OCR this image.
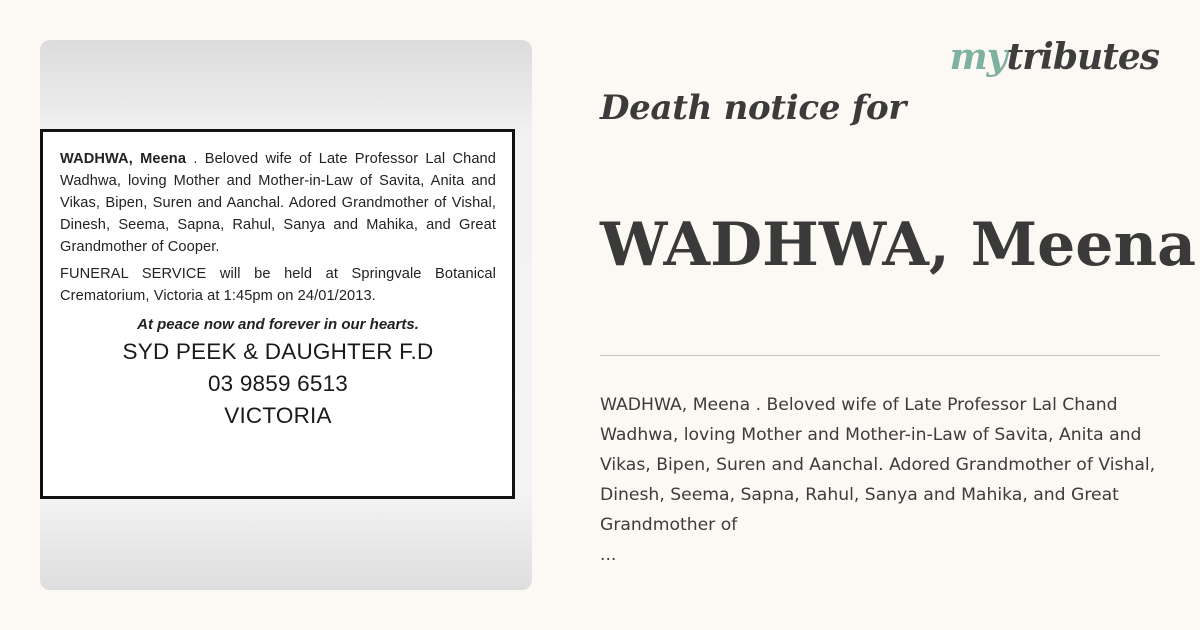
WADHWA, Meena . Beloved wife of Late Professor Lal Chand Wadhwa, loving Mother and Mother-in-Law of Savita, Anita and Vikas, Bipen, Suren and Aanchal. Adored Grandmother of Vishal, Dinesh, Seema, Sapna, Rahul, Sanya and Mahika, and Great Grandmother of Cooper.

FUNERAL SERVICE will be held at Springvale Botanical Crematorium, Victoria at 1:45pm on 24/01/2013.

At peace now and forever in our hearts.

SYD PEEK & DAUGHTER F.D

03 9859 6513

VICTORIA

mytributes
Death notice for
WADHWA, Meena
WADHWA, Meena . Beloved wife of Late Professor Lal Chand Wadhwa, loving Mother and Mother-in-Law of Savita, Anita and Vikas, Bipen, Suren and Aanchal. Adored Grandmother of Vishal, Dinesh, Seema, Sapna, Rahul, Sanya and Mahika, and Great Grandmother of
...
